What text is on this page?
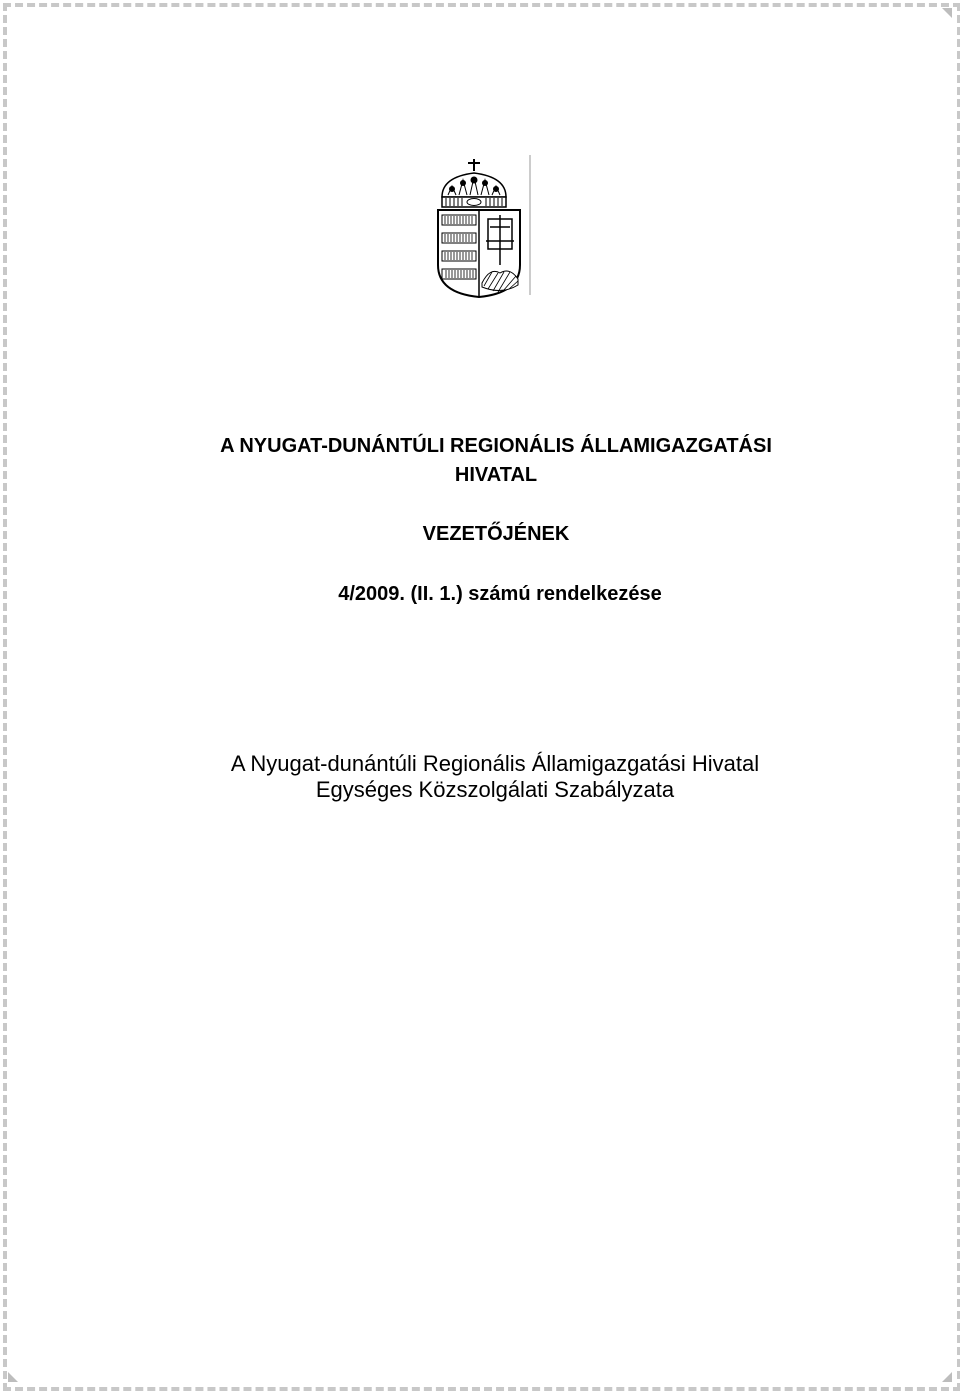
A NYUGAT-DUNÁNTÚLI REGIONÁLIS ÁLLAMIGAZGATÁSI

HIVATAL

VEZETŐJÉNEK

4/2009. (II. 1.) számú rendelkezése

A Nyugat-dunántúli Regionális Államigazgatási Hivatal
Egységes Közszolgálati Szabályzata
